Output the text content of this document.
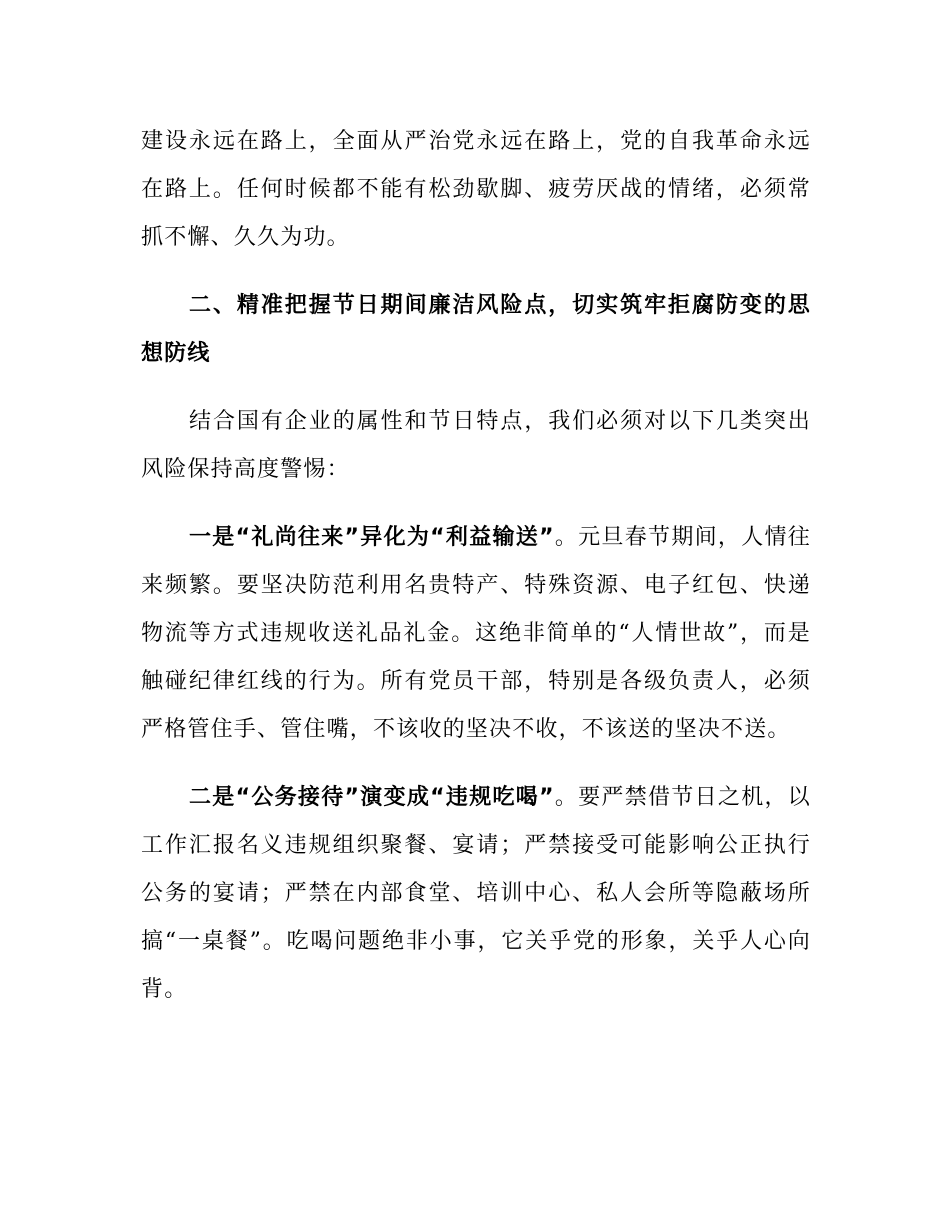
建设永远在路上，全面从严治党永远在路上，党的自我革命永远在路上。任何时候都不能有松劲歇脚、疲劳厌战的情绪，必须常抓不懈、久久为功。

二、精准把握节日期间廉洁风险点，切实筑牢拒腐防变的思想防线

结合国有企业的属性和节日特点，我们必须对以下几类突出风险保持高度警惕：

一是“礼尚往来”异化为“利益输送”。元旦春节期间，人情往来频繁。要坚决防范利用名贵特产、特殊资源、电子红包、快递物流等方式违规收送礼品礼金。这绝非简单的“人情世故”，而是触碰纪律红线的行为。所有党员干部，特别是各级负责人，必须严格管住手、管住嘴，不该收的坚决不收，不该送的坚决不送。

二是“公务接待”演变成“违规吃喝”。要严禁借节日之机，以工作汇报名义违规组织聚餐、宴请；严禁接受可能影响公正执行公务的宴请；严禁在内部食堂、培训中心、私人会所等隐蔽场所搞“一桌餐”。吃喝问题绝非小事，它关乎党的形象，关乎人心向背。
